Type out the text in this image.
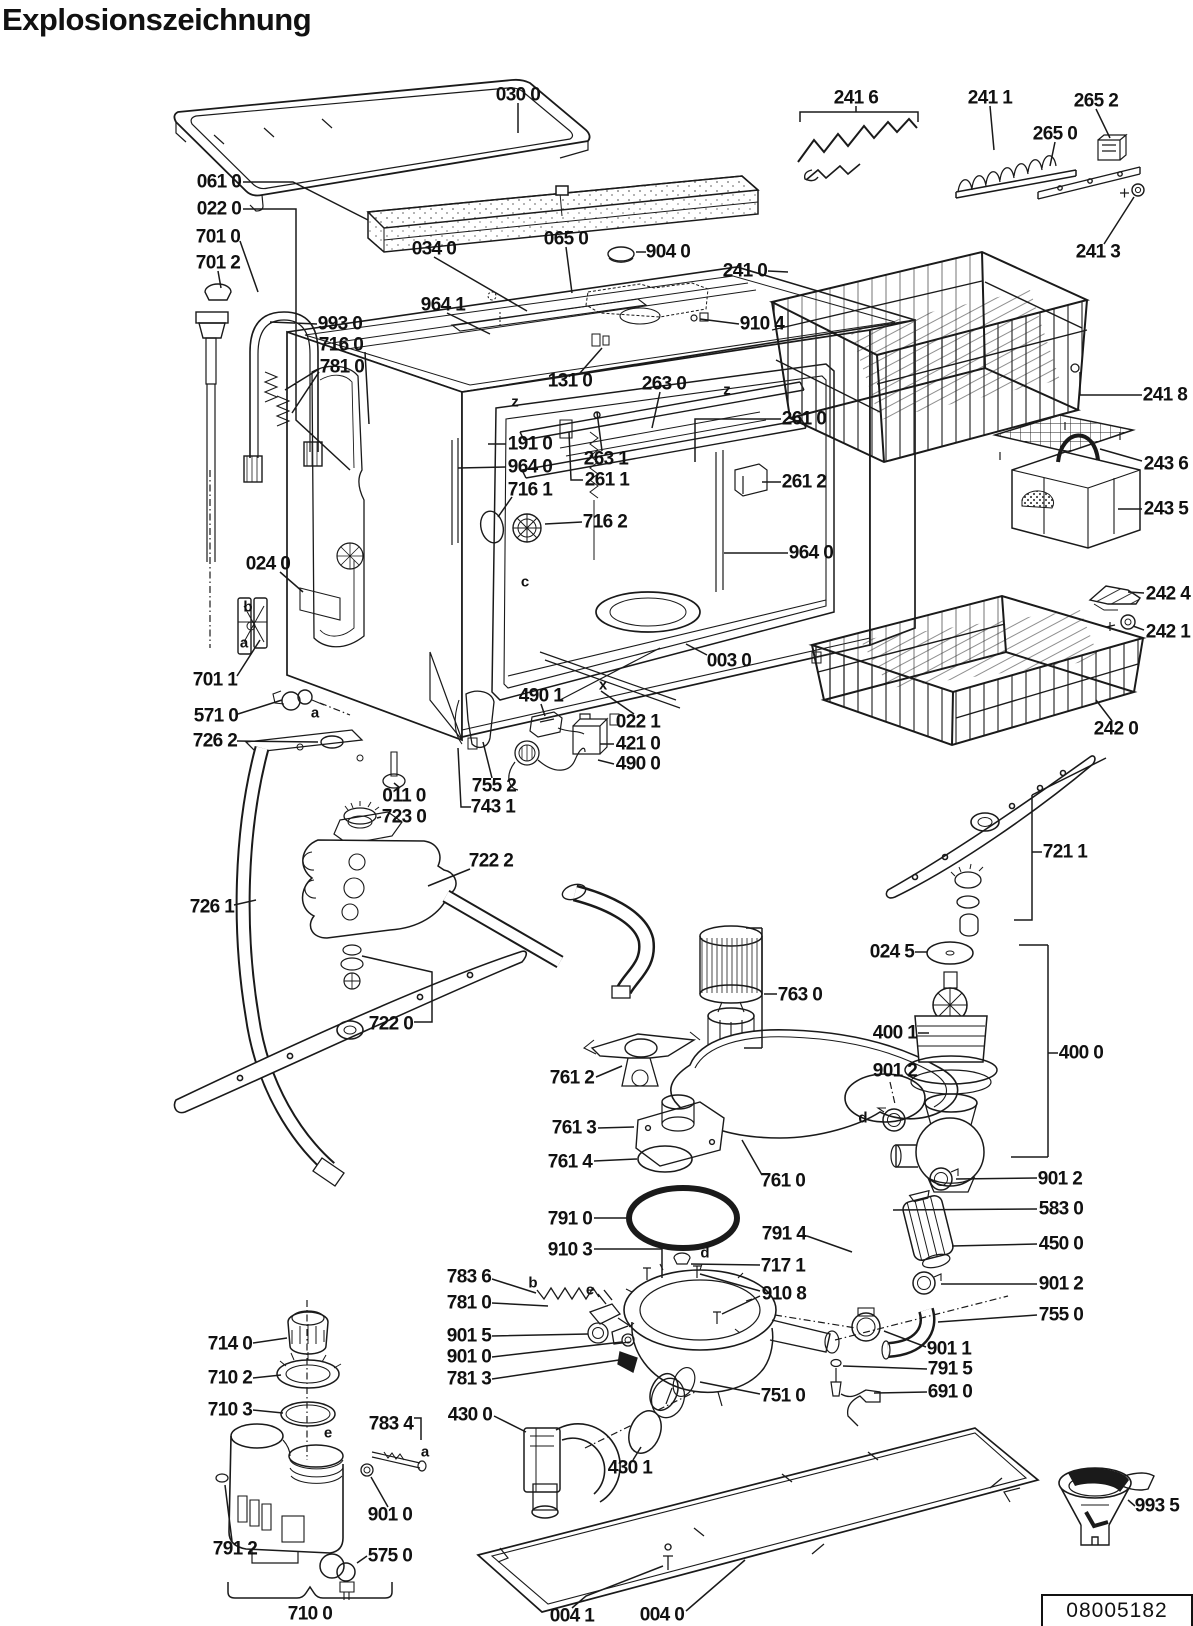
Explosionszeichnung
030 0
061 0
022 0
701 0
701 2
034 0	065 0
904 0
964 1
993 0
716 0
781 0
131 0	263 0
191 0
964 0
716 1
263 1
261 1
716 2
024 0
701 1
571 0
726 2
011 0
723 0
726 1
722 2
722 0
490 1
022 1
421 0
490 0
755 2
743 1
003 0
241 6	241 1	265 2
265 0
241 3
241 0
910 4
241 8
261 0
261 2
964 0
243 6
243 5
242 4
242 1
242 0
721 1
024 5
400 1
901 2
400 0
901 2
583 0
450 0
901 2
755 0
901 1
791 5
691 0
763 0
761 2
761 3
761 4
761 0
791 0
910 3
783 6
781 0
901 5
901 0
781 3
430 0
430 1
751 0
791 4
717 1
910 8
714 0
710 2
710 3
783 4
901 0
791 2	575 0
710 0	004 1 004 0
993 5
z
z
c
x
b
a
a
b	e
d
d
e
a
08005182
